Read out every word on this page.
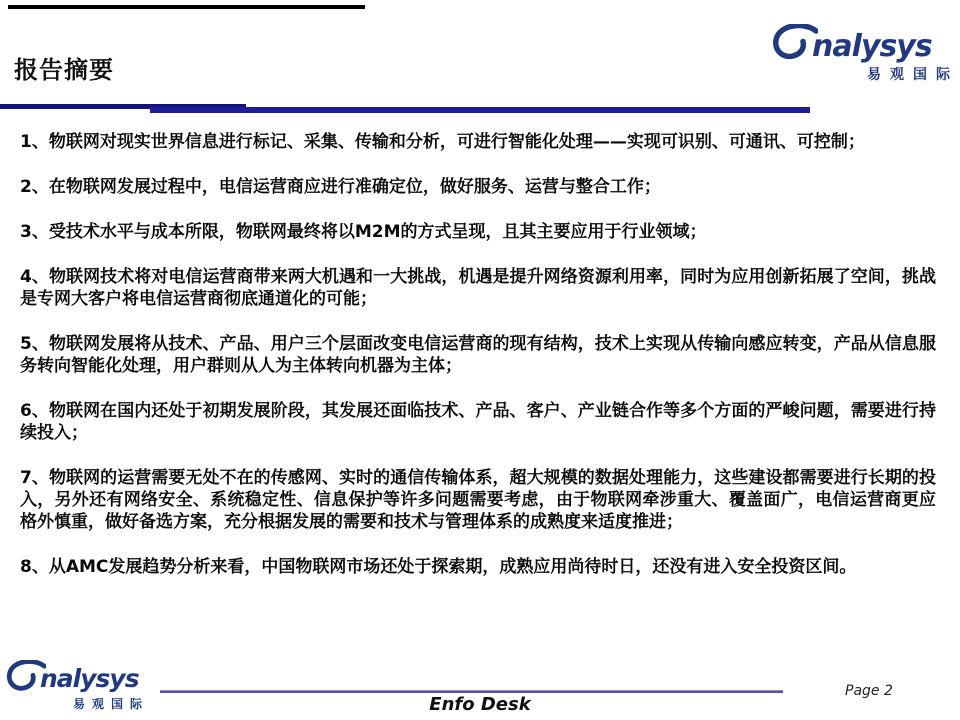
报告摘要
nalysys
易观国际

1、物联网对现实世界信息进行标记、采集、传输和分析，可进行智能化处理——实现可识别、可通讯、可控制；

2、在物联网发展过程中，电信运营商应进行准确定位，做好服务、运营与整合工作；

3、受技术水平与成本所限，物联网最终将以M2M的方式呈现，且其主要应用于行业领域；

4、物联网技术将对电信运营商带来两大机遇和一大挑战，机遇是提升网络资源利用率，同时为应用创新拓展了空间，挑战是专网大客户将电信运营商彻底通道化的可能；

5、物联网发展将从技术、产品、用户三个层面改变电信运营商的现有结构，技术上实现从传输向感应转变，产品从信息服务转向智能化处理，用户群则从人为主体转向机器为主体；

6、物联网在国内还处于初期发展阶段，其发展还面临技术、产品、客户、产业链合作等多个方面的严峻问题，需要进行持续投入；

7、物联网的运营需要无处不在的传感网、实时的通信传输体系，超大规模的数据处理能力，这些建设都需要进行长期的投入，另外还有网络安全、系统稳定性、信息保护等许多问题需要考虑，由于物联网牵涉重大、覆盖面广，电信运营商更应格外慎重，做好备选方案，充分根据发展的需要和技术与管理体系的成熟度来适度推进；

8、从AMC发展趋势分析来看，中国物联网市场还处于探索期，成熟应用尚待时日，还没有进入安全投资区间。

nalysys
易观国际	Enfo Desk
Page 2
